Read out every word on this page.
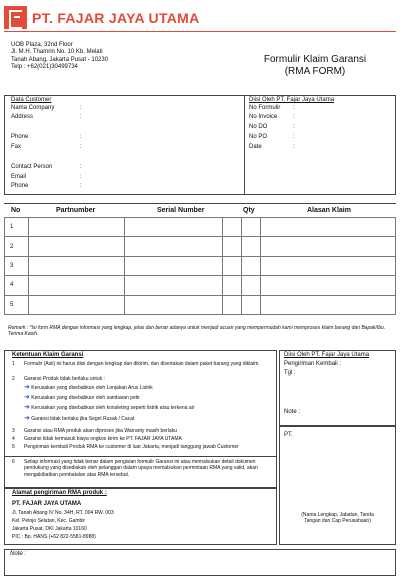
PT. FAJAR JAYA UTAMA
UOB Plaza, 32nd Floor
Jl. M.H. Thamrin No. 10 Kb. Melati
Tanah Abang, Jakarta Pusat - 10230
Telp : +62(021)30499734
Formulir Klaim Garansi
(RMA FORM)
Data Customer
Nama Company	:
Address	:
Phone	:
Fax	:
Contact Person	:
Email	:
Phone	:
Diisi Oleh PT. Fajar Jaya Utama
No Formulir :
No Invoice	:
No DO	:
No PO	:
Date	:
No	Partnumber	Serial Number	Qty	Alasan Klaim
1					
2					
3					
4					
5					
Remark : *Isi form RMA dengan informasi yang lengkap, jelas dan benar adanya untuk menjadi acuan yang mempermudah kami memproses klaim barang dari Bapak/Ibu. Terima Kasih.
Ketentuan Klaim Garansi
1 Formulir (Asli) ini harus diisi dengan lengkap dan dikirim, dan disertakan dalam paket barang yang diklaim.
2 Garansi Produk tidak berlaku untuk :
➜ Kerusakan yang disebabkan oleh Lonjakan Arus Listrik
➜ Kerusakan yang disebabkan oleh sambaran petir
➜ Kerusakan yang disebabkan oleh konsleting seperti listrik atau terkena air
➜ Garansi tidak berlaku jika Segel Rusak / Cacat
3 Garansi atau RMA produk akan diproses jika Warranty masih berlaku
4 Garansi tidak termasuk biaya ongkos kirim ke PT. FAJAR JAYA UTAMA
5 Pengiriman kembali Produk RMA ke customer di luar Jakarta, menjadi tanggung jawab Customer
6 Setiap informasi yang tidak benar dalam pengisian formulir Garansi ini atau memalsukan detail dokumen pendukung yang disediakan oleh pelanggan dalam upaya memalsukan permintaan RMA yang valid, akan mengakibatkan pembatalan atas RMA tersebut.
Alamat pengiriman RMA produk :
PT. FAJAR JAYA UTAMA
Jl. Tanah Abang IV No. 34H, RT. 004 RW. 003
Kel. Petojo Selatan, Kec. Gambir
Jakarta Pusat, DKI Jakarta 10160
PIC : Bp. HANS (+62 822-5581-8988)
Diisi Oleh PT. Fajar Jaya Utama
Pengiriman Kembali :
Tgl :
Note :
PT.
(Nama Lengkap, Jabatan, Tanda
Tangan dan Cap Perusahaan)
Note :
